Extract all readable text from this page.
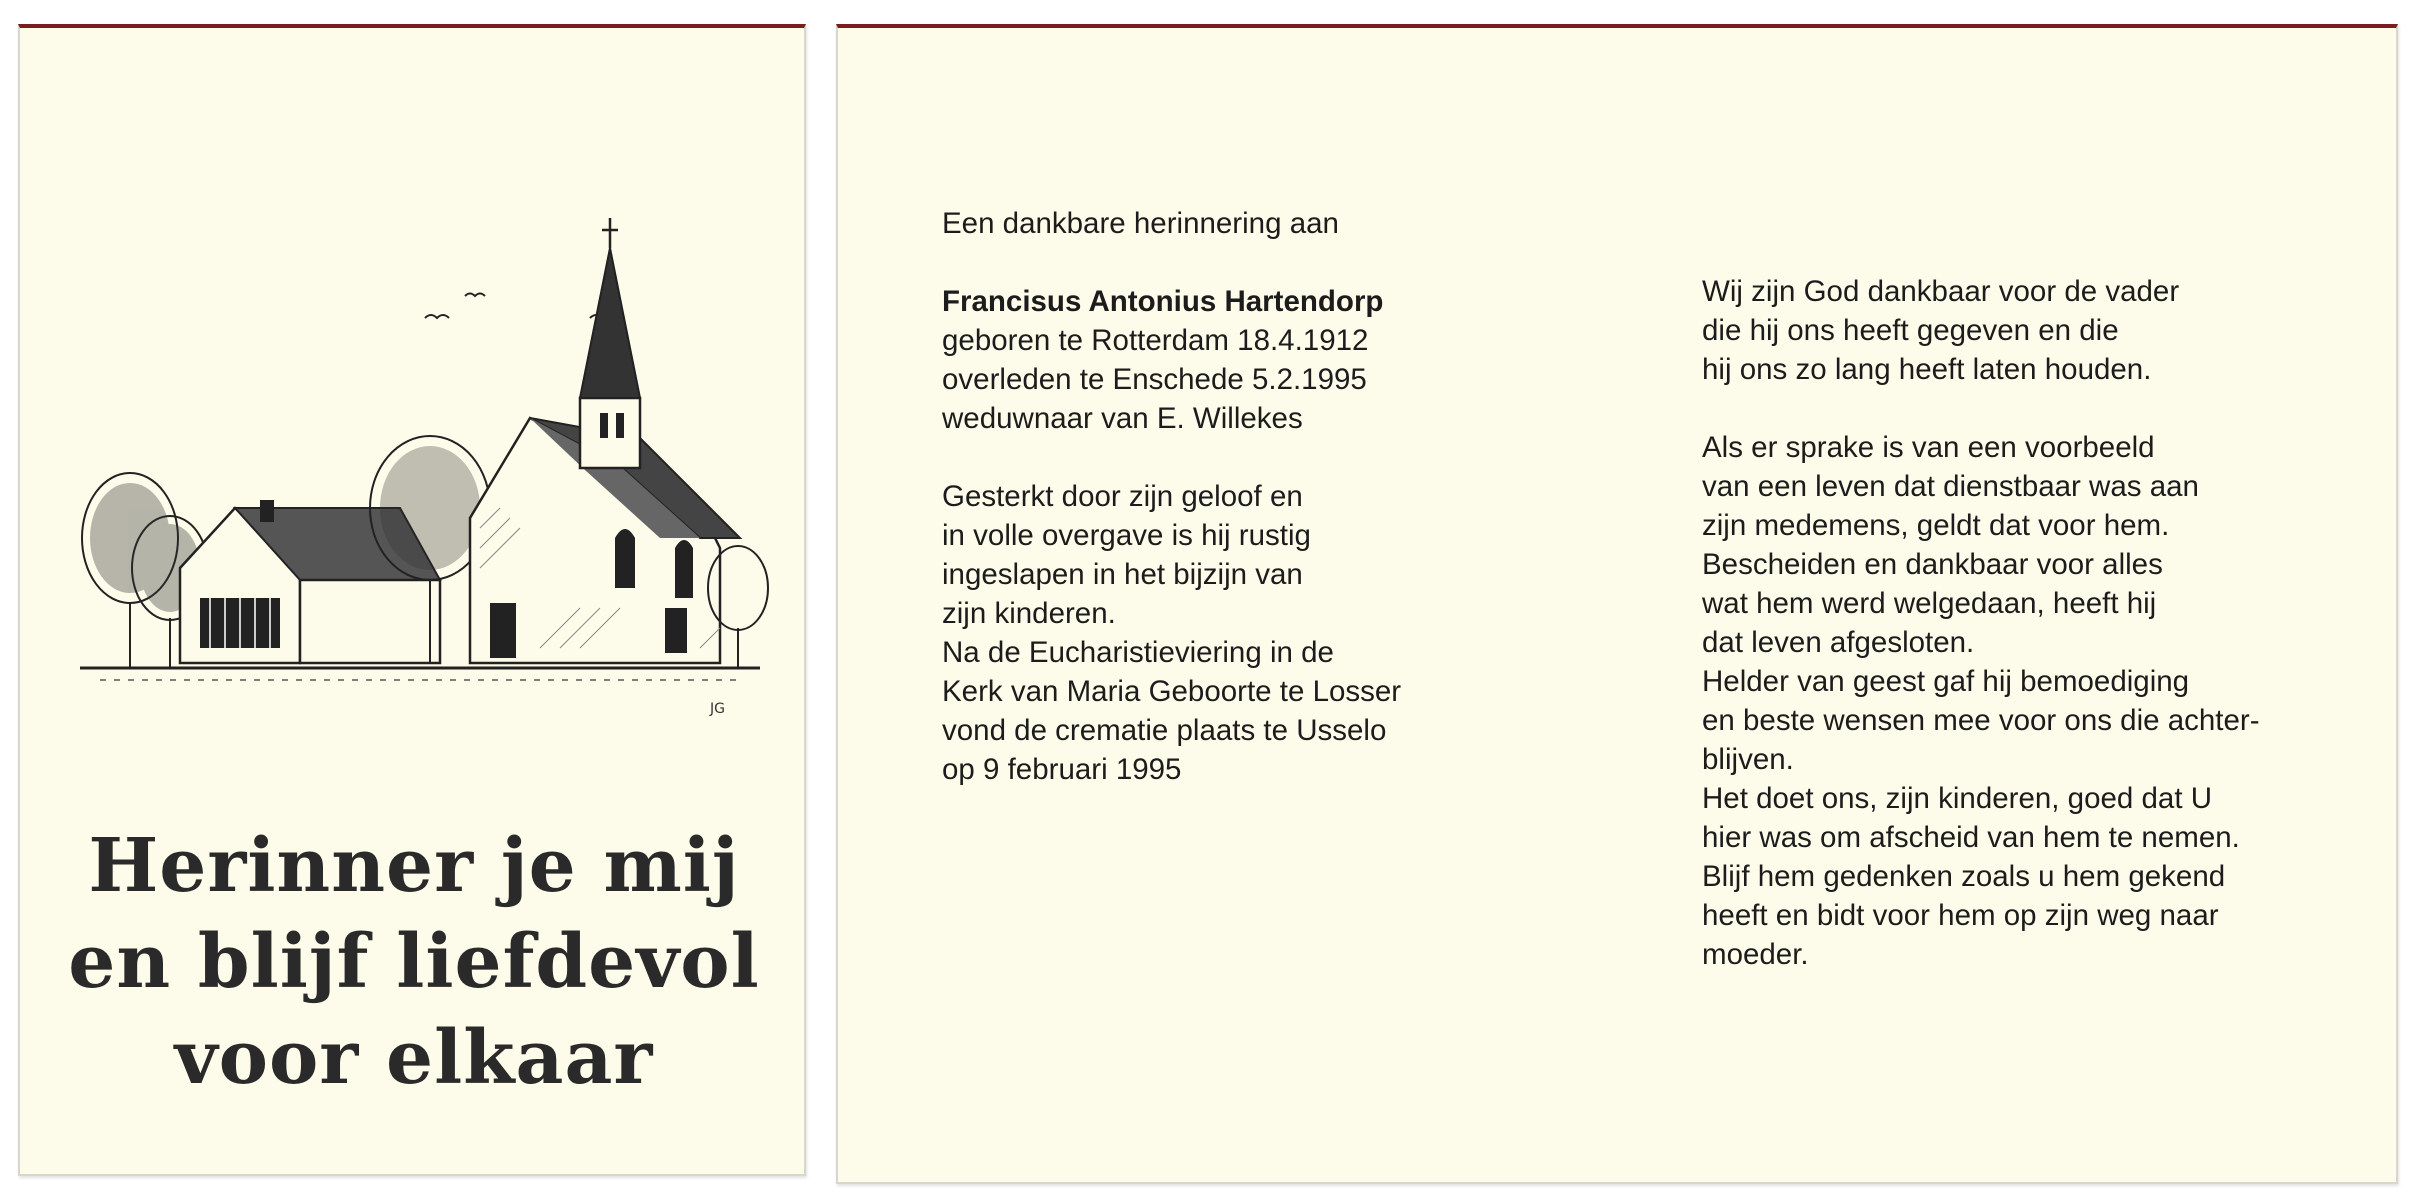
JG
Herinner je mij
en blijf liefdevol
voor elkaar
Een dankbare herinnering aan
Francisus Antonius Hartendorp
geboren te Rotterdam 18.4.1912
overleden te Enschede 5.2.1995
weduwnaar van E. Willekes
Gesterkt door zijn geloof en
in volle overgave is hij rustig
ingeslapen in het bijzijn van
zijn kinderen.
Na de Eucharistieviering in de
Kerk van Maria Geboorte te Losser
vond de crematie plaats te Usselo
op 9 februari 1995
Wij zijn God dankbaar voor de vader
die hij ons heeft gegeven en die
hij ons zo lang heeft laten houden.
Als er sprake is van een voorbeeld
van een leven dat dienstbaar was aan
zijn medemens, geldt dat voor hem.
Bescheiden en dankbaar voor alles
wat hem werd welgedaan, heeft hij
dat leven afgesloten.
Helder van geest gaf hij bemoediging
en beste wensen mee voor ons die achter-
blijven.
Het doet ons, zijn kinderen, goed dat U
hier was om afscheid van hem te nemen.
Blijf hem gedenken zoals u hem gekend
heeft en bidt voor hem op zijn weg naar
moeder.
